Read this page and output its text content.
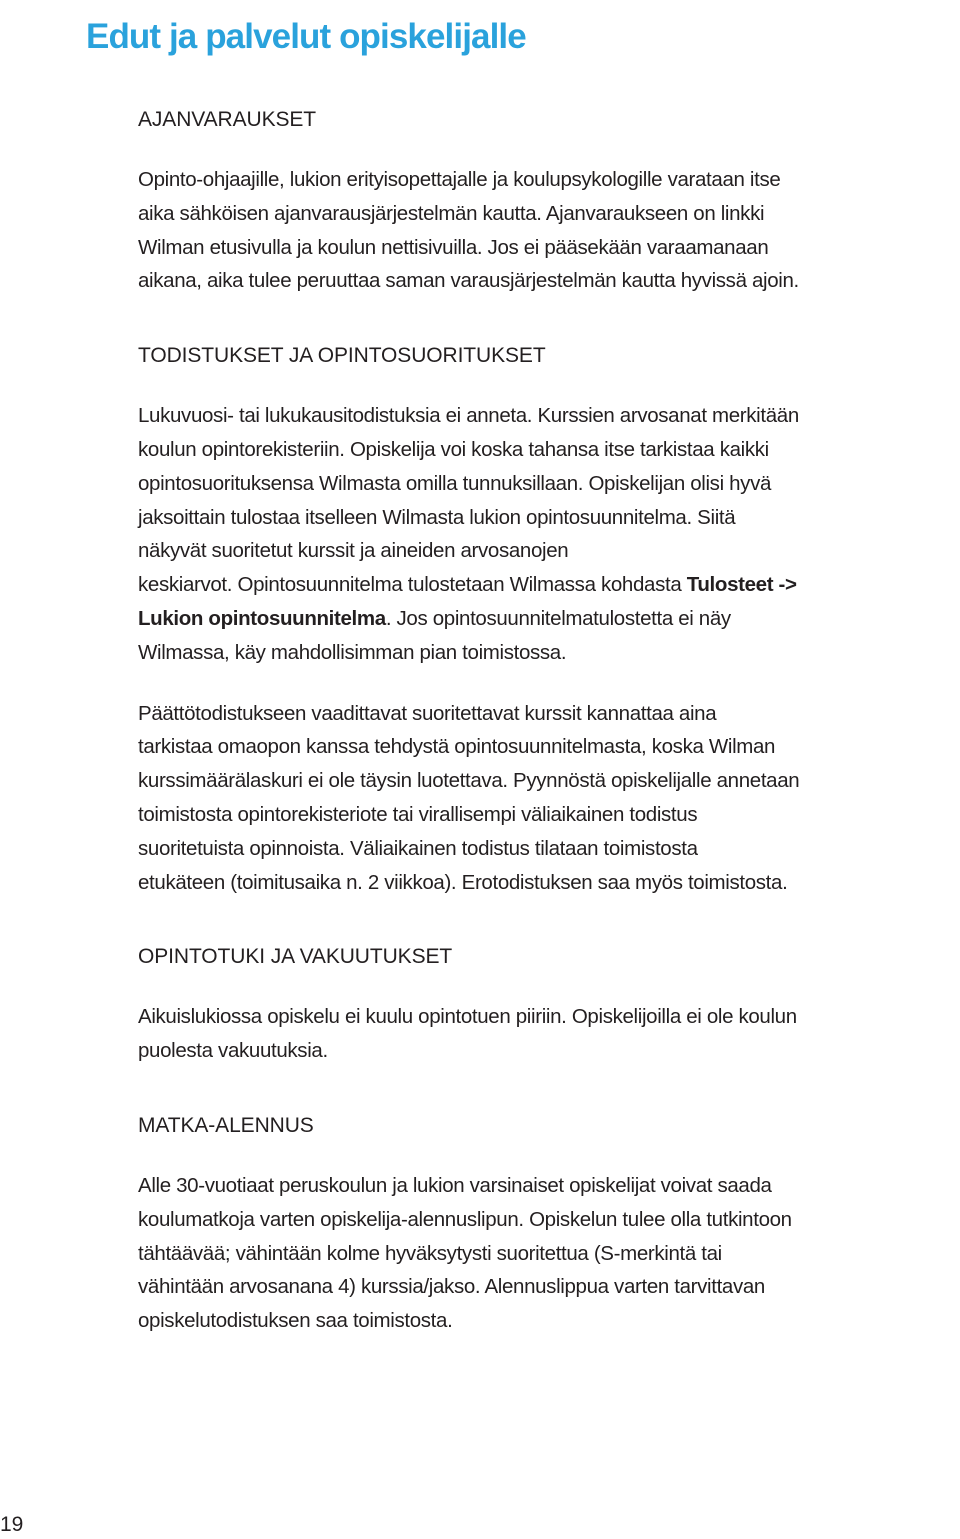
Edut ja palvelut opiskelijalle
AJANVARAUKSET

Opinto-ohjaajille, lukion erityisopettajalle ja koulupsykologille varataan itse
aika sähköisen ajanvarausjärjestelmän kautta. Ajanvaraukseen on linkki
Wilman etusivulla ja koulun nettisivuilla. Jos ei pääsekään varaamanaan
aikana, aika tulee peruuttaa saman varausjärjestelmän kautta hyvissä ajoin.

TODISTUKSET JA OPINTOSUORITUKSET

Lukuvuosi- tai lukukausitodistuksia ei anneta. Kurssien arvosanat merkitään
koulun opintorekisteriin. Opiskelija voi koska tahansa itse tarkistaa kaikki
opintosuorituksensa Wilmasta omilla tunnuksillaan. Opiskelijan olisi hyvä
jaksoittain tulostaa itselleen Wilmasta lukion opintosuunnitelma. Siitä
näkyvät suoritetut kurssit ja aineiden arvosanojen
keskiarvot. Opintosuunnitelma tulostetaan Wilmassa kohdasta Tulosteet ->
Lukion opintosuunnitelma. Jos opintosuunnitelmatulostetta ei näy
Wilmassa, käy mahdollisimman pian toimistossa.

Päättötodistukseen vaadittavat suoritettavat kurssit kannattaa aina
tarkistaa omaopon kanssa tehdystä opintosuunnitelmasta, koska Wilman
kurssimäärälaskuri ei ole täysin luotettava. Pyynnöstä opiskelijalle annetaan
toimistosta opintorekisteriote tai virallisempi väliaikainen todistus
suoritetuista opinnoista. Väliaikainen todistus tilataan toimistosta
etukäteen (toimitusaika n. 2 viikkoa). Erotodistuksen saa myös toimistosta.

OPINTOTUKI JA VAKUUTUKSET

Aikuislukiossa opiskelu ei kuulu opintotuen piiriin. Opiskelijoilla ei ole koulun
puolesta vakuutuksia.

MATKA-ALENNUS

Alle 30-vuotiaat peruskoulun ja lukion varsinaiset opiskelijat voivat saada
koulumatkoja varten opiskelija-alennuslipun. Opiskelun tulee olla tutkintoon
tähtäävää; vähintään kolme hyväksytysti suoritettua (S-merkintä tai
vähintään arvosanana 4) kurssia/jakso. Alennuslippua varten tarvittavan
opiskelutodistuksen saa toimistosta.

19
